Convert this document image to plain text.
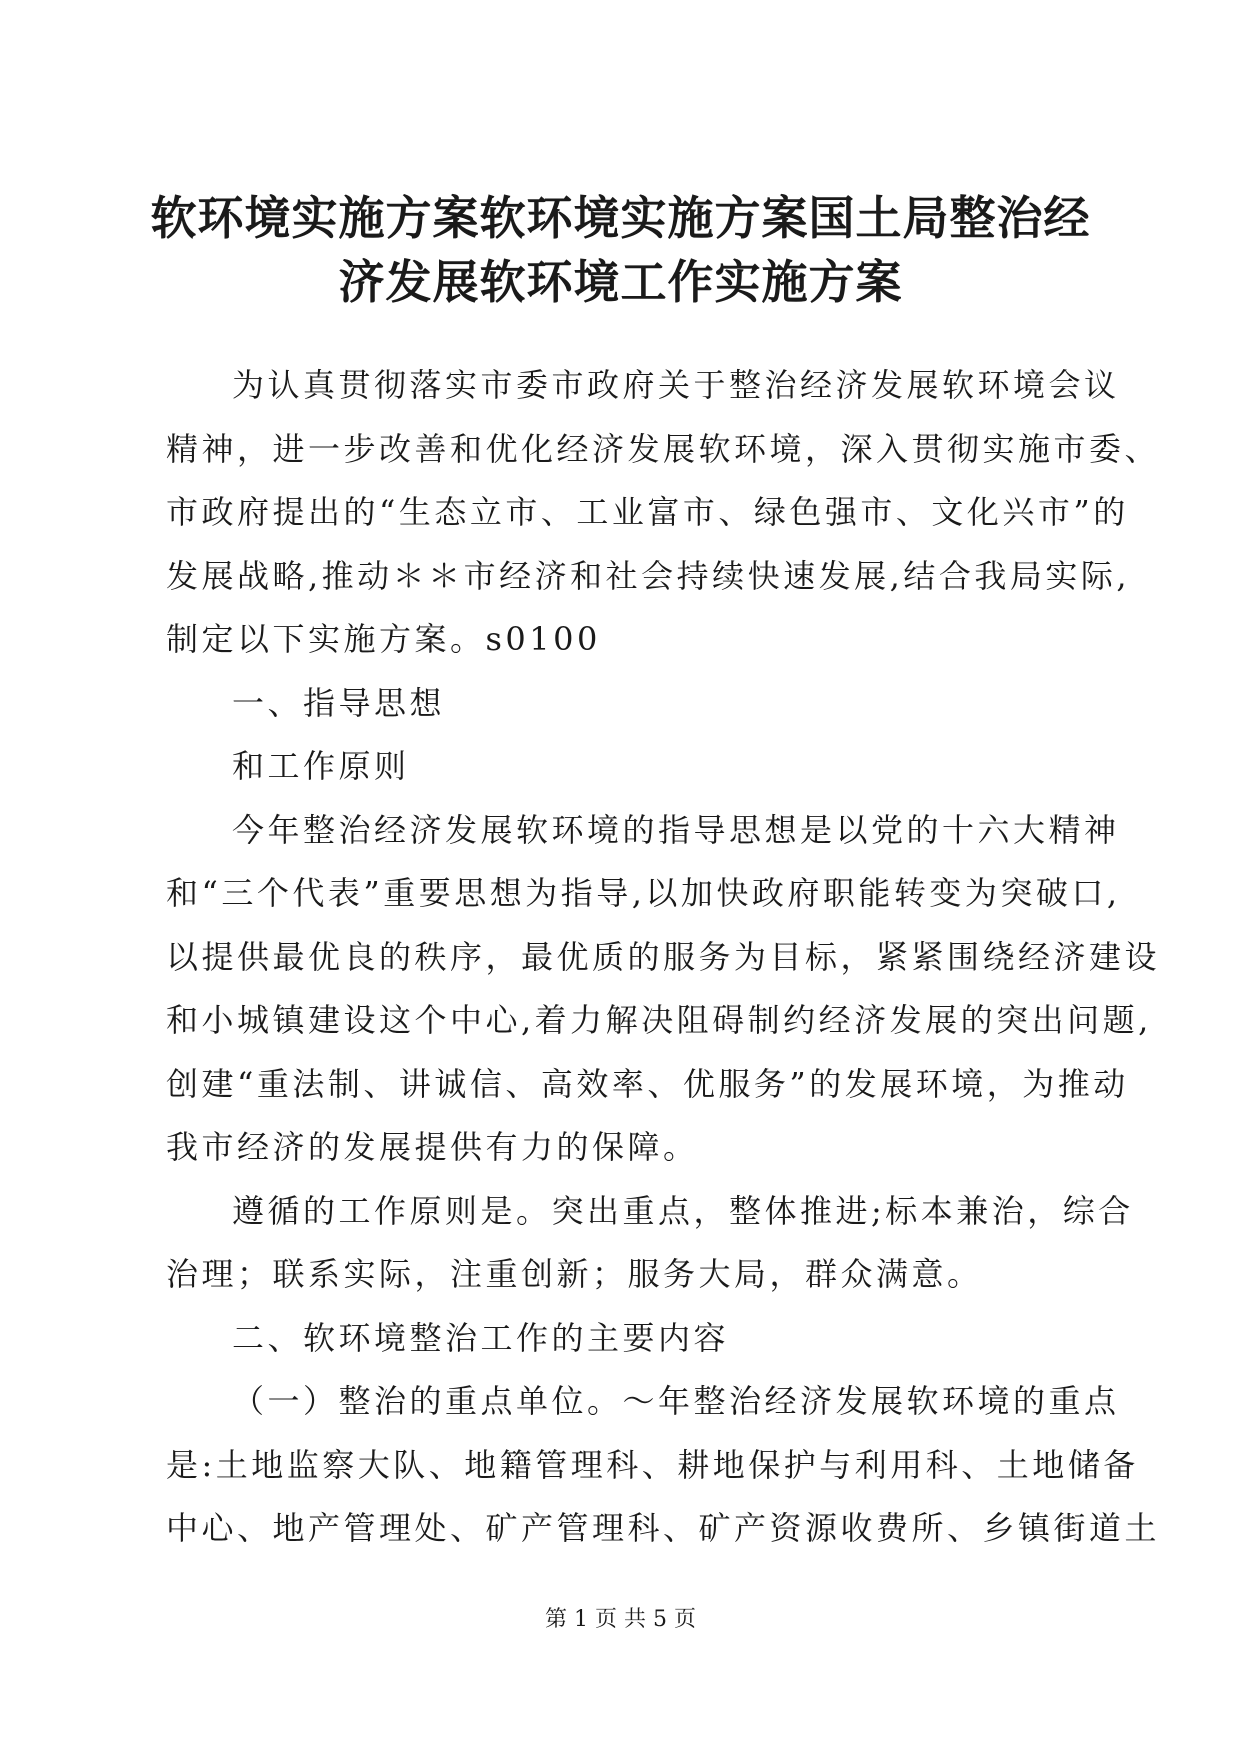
软环境实施方案软环境实施方案国土局整治经
济发展软环境工作实施方案
为认真贯彻落实市委市政府关于整治经济发展软环境会议
精神，进一步改善和优化经济发展软环境，深入贯彻实施市委、
市政府提出的“生态立市、工业富市、绿色强市、文化兴市”的
发展战略,推动＊＊市经济和社会持续快速发展,结合我局实际,
制定以下实施方案。s0100
一、指导思想
和工作原则
今年整治经济发展软环境的指导思想是以党的十六大精神
和“三个代表”重要思想为指导,以加快政府职能转变为突破口,
以提供最优良的秩序，最优质的服务为目标，紧紧围绕经济建设
和小城镇建设这个中心,着力解决阻碍制约经济发展的突出问题,
创建“重法制、讲诚信、高效率、优服务”的发展环境，为推动
我市经济的发展提供有力的保障。
遵循的工作原则是。突出重点，整体推进;标本兼治，综合
治理；联系实际，注重创新；服务大局，群众满意。
二、软环境整治工作的主要内容
（一）整治的重点单位。～年整治经济发展软环境的重点
是:土地监察大队、地籍管理科、耕地保护与利用科、土地储备
中心、地产管理处、矿产管理科、矿产资源收费所、乡镇街道土
第 1 页 共 5 页
